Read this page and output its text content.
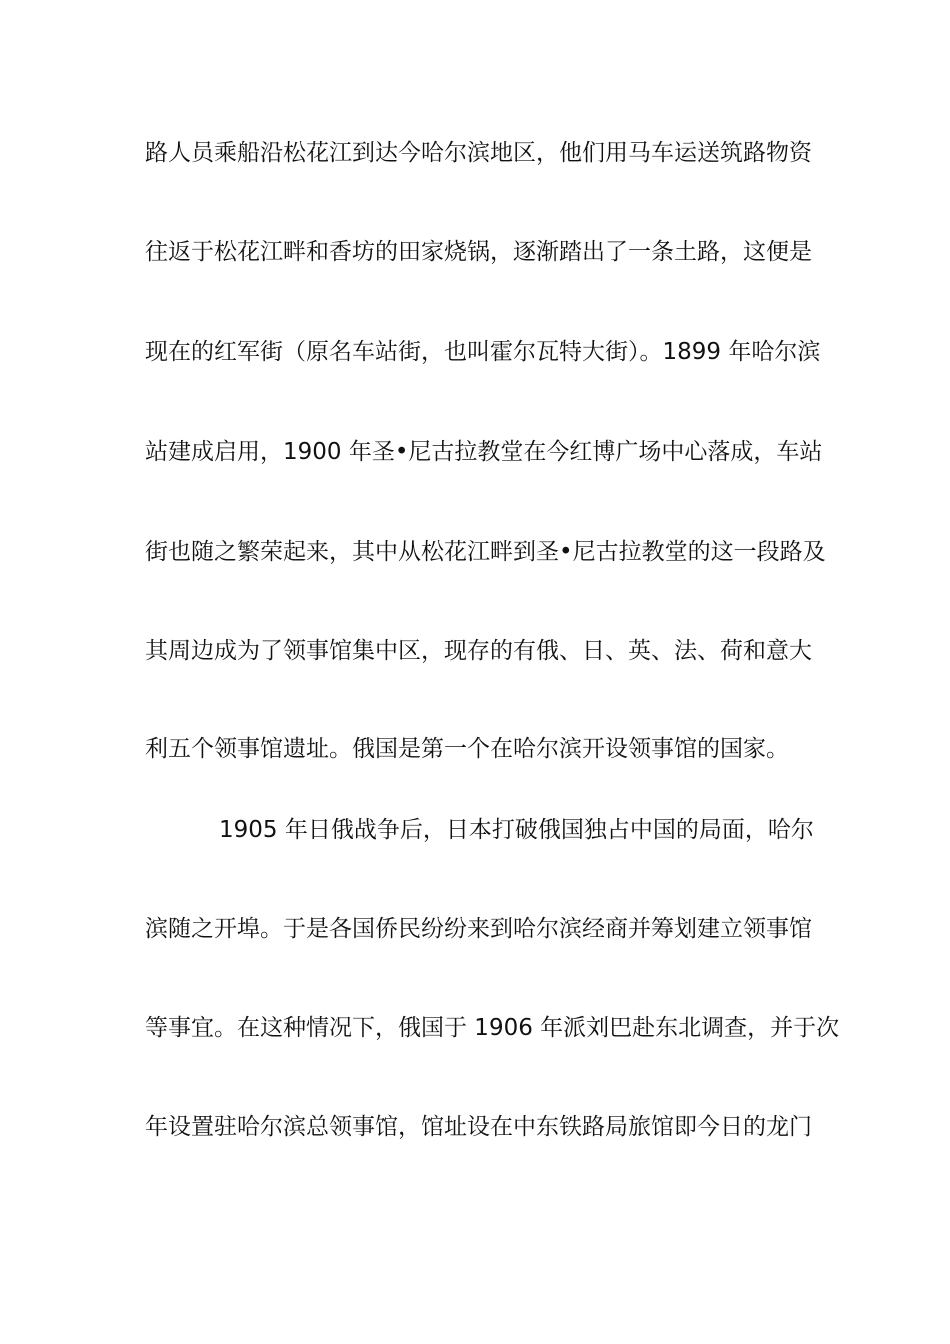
路人员乘船沿松花江到达今哈尔滨地区，他们用马车运送筑路物资
往返于松花江畔和香坊的田家烧锅，逐渐踏出了一条土路，这便是
现在的红军街（原名车站街，也叫霍尔瓦特大街）。1899 年哈尔滨
站建成启用，1900 年圣•尼古拉教堂在今红博广场中心落成，车站
街也随之繁荣起来，其中从松花江畔到圣•尼古拉教堂的这一段路及
其周边成为了领事馆集中区，现存的有俄、日、英、法、荷和意大
利五个领事馆遗址。俄国是第一个在哈尔滨开设领事馆的国家。
1905 年日俄战争后，日本打破俄国独占中国的局面，哈尔
滨随之开埠。于是各国侨民纷纷来到哈尔滨经商并筹划建立领事馆
等事宜。在这种情况下，俄国于 1906 年派刘巴赴东北调查，并于次
年设置驻哈尔滨总领事馆，馆址设在中东铁路局旅馆即今日的龙门
